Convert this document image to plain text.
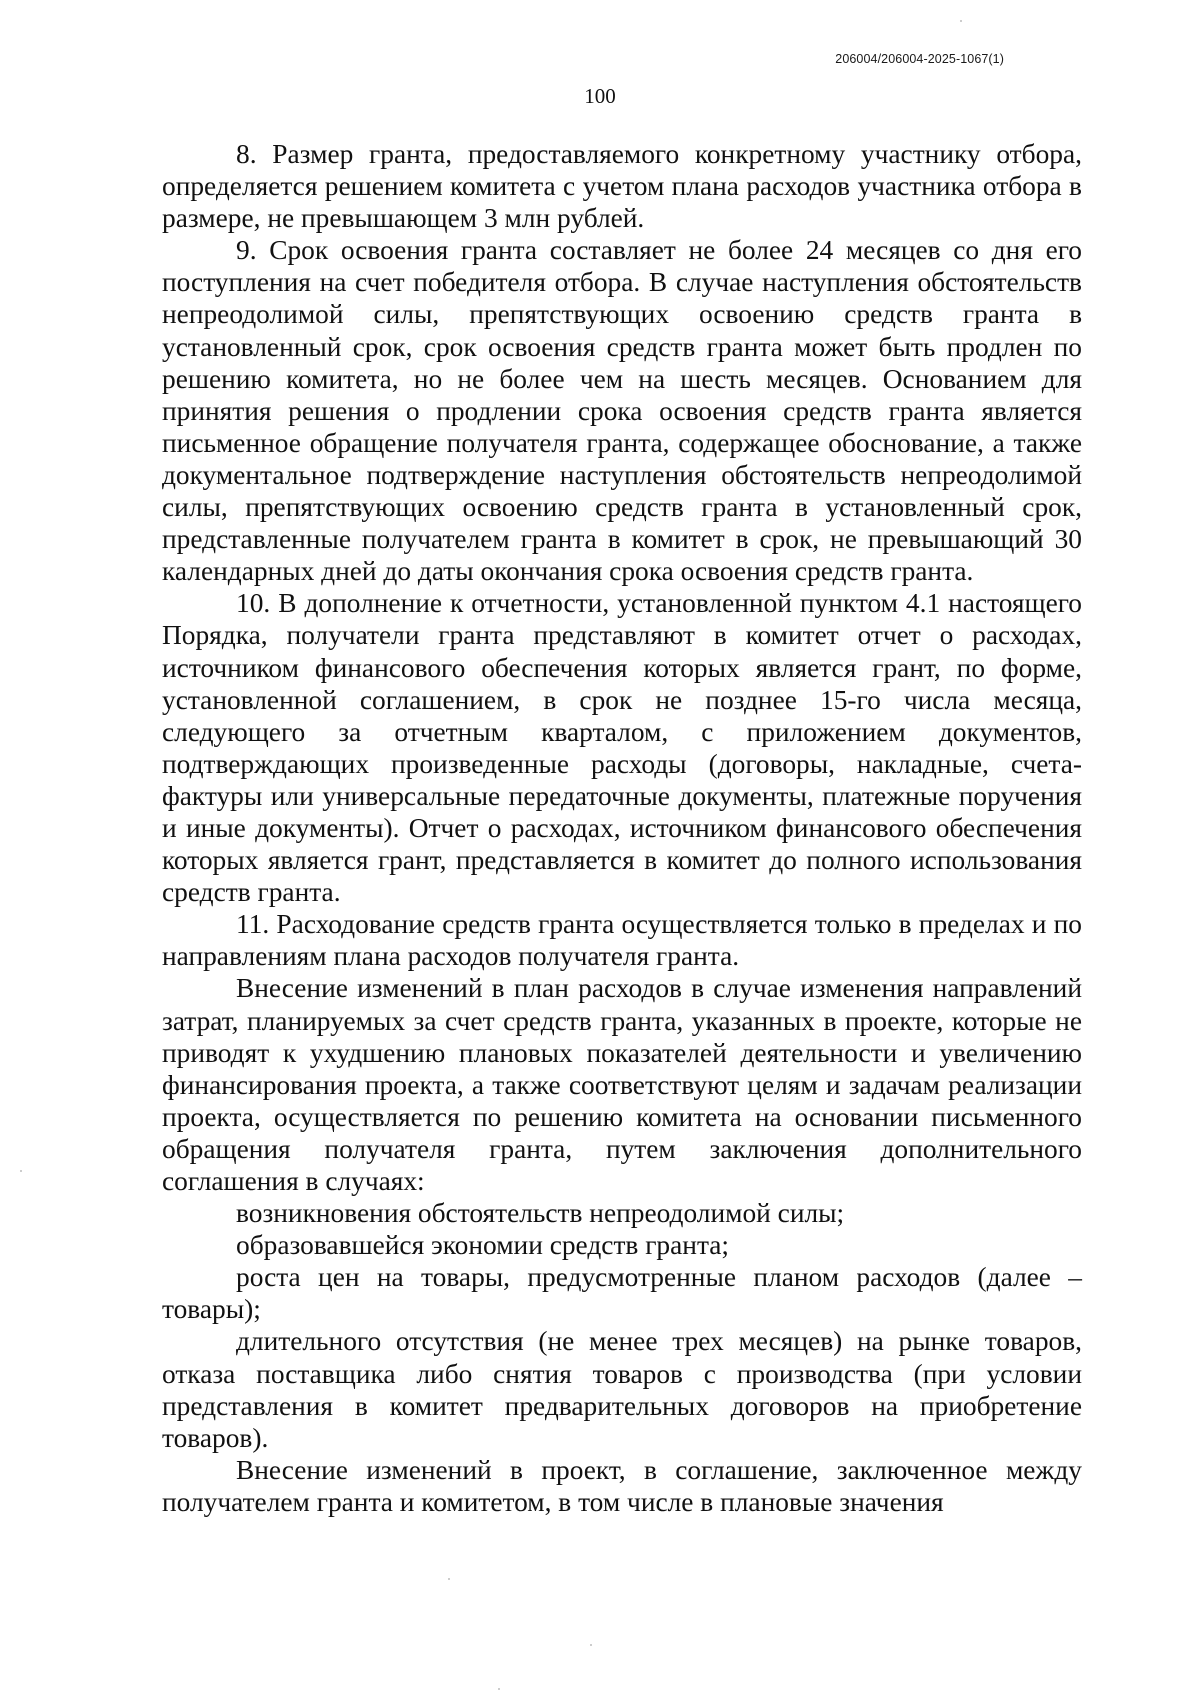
206004/206004-2025-1067(1)
100

8. Размер гранта, предоставляемого конкретному участнику отбора, определяется решением комитета с учетом плана расходов участника отбора в размере, не превышающем 3 млн рублей.

9. Срок освоения гранта составляет не более 24 месяцев со дня его поступления на счет победителя отбора. В случае наступления обстоятельств непреодолимой силы, препятствующих освоению средств гранта в установленный срок, срок освоения средств гранта может быть продлен по решению комитета, но не более чем на шесть месяцев. Основанием для принятия решения о продлении срока освоения средств гранта является письменное обращение получателя гранта, содержащее обоснование, а также документальное подтверждение наступления обстоятельств непреодолимой силы, препятствующих освоению средств гранта в установленный срок, представленные получателем гранта в комитет в срок, не превышающий 30 календарных дней до даты окончания срока освоения средств гранта.

10. В дополнение к отчетности, установленной пунктом 4.1 настоящего Порядка, получатели гранта представляют в комитет отчет о расходах, источником финансового обеспечения которых является грант, по форме, установленной соглашением, в срок не позднее 15-го числа месяца, следующего за отчетным кварталом, с приложением документов, подтверждающих произведенные расходы (договоры, накладные, счета-фактуры или универсальные передаточные документы, платежные поручения и иные документы). Отчет о расходах, источником финансового обеспечения которых является грант, представляется в комитет до полного использования средств гранта.

11. Расходование средств гранта осуществляется только в пределах и по направлениям плана расходов получателя гранта.

Внесение изменений в план расходов в случае изменения направлений затрат, планируемых за счет средств гранта, указанных в проекте, которые не приводят к ухудшению плановых показателей деятельности и увеличению финансирования проекта, а также соответствуют целям и задачам реализации проекта, осуществляется по решению комитета на основании письменного обращения получателя гранта, путем заключения дополнительного соглашения в случаях:

возникновения обстоятельств непреодолимой силы;

образовавшейся экономии средств гранта;

роста цен на товары, предусмотренные планом расходов (далее – товары);

длительного отсутствия (не менее трех месяцев) на рынке товаров, отказа поставщика либо снятия товаров с производства (при условии представления в комитет предварительных договоров на приобретение товаров).

Внесение изменений в проект, в соглашение, заключенное между получателем гранта и комитетом, в том числе в плановые значения
